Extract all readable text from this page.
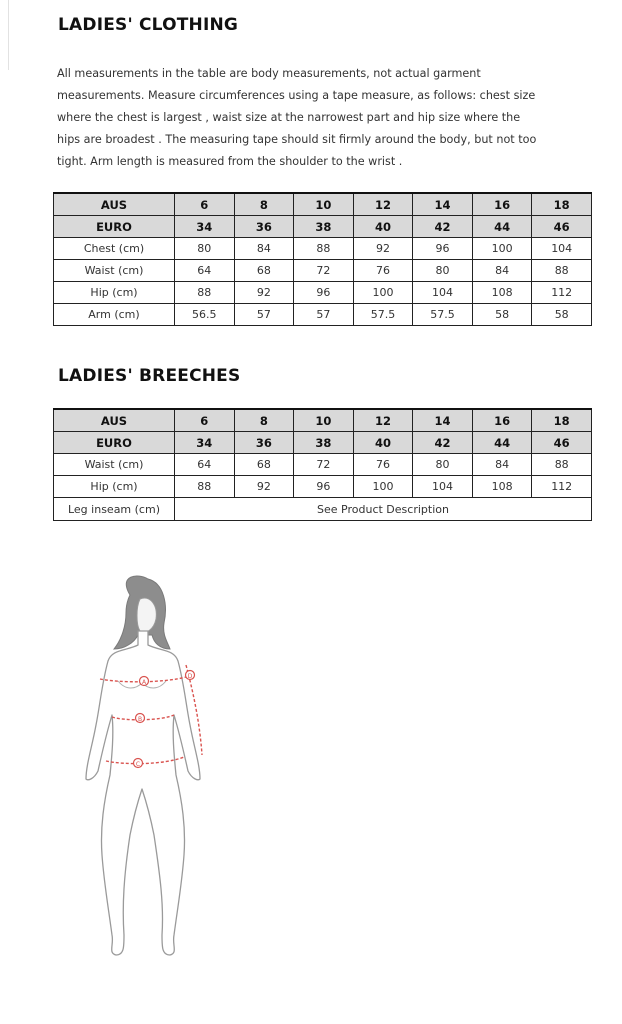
LADIES' CLOTHING

All measurements in the table are body measurements, not actual garment

measurements. Measure circumferences using a tape measure, as follows: chest size

where the chest is largest , waist size at the narrowest part and hip size where the

hips are broadest . The measuring tape should sit firmly around the body, but not too

tight. Arm length is measured from the shoulder to the wrist .

AUS	6	8	10	12	14	16	18
EURO	34	36	38	40	42	44	46
Chest (cm)	80	84	88	92	96	100	104
Waist (cm)	64	68	72	76	80	84	88
Hip (cm)	88	92	96	100	104	108	112
Arm (cm)	56.5	57	57	57.5	57.5	58	58
LADIES' BREECHES
AUS	6	8	10	12	14	16	18
EURO	34	36	38	40	42	44	46
Waist (cm)	64	68	72	76	80	84	88
Hip (cm)	88	92	96	100	104	108	112
Leg inseam (cm)	See Product Description						
A
B
C
D
